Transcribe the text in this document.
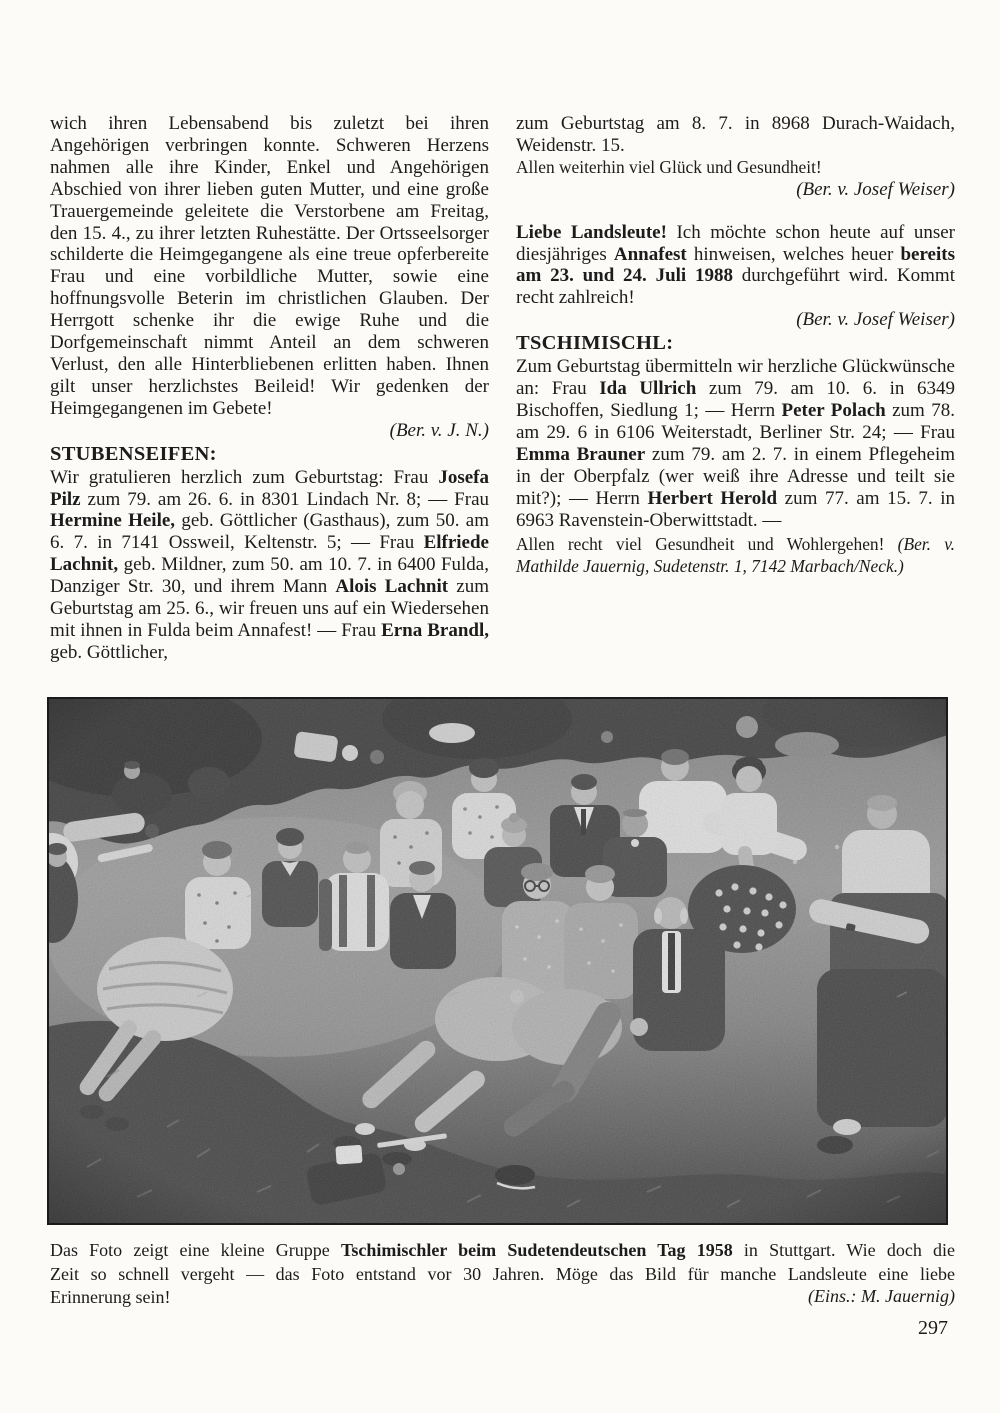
wich ihren Lebensabend bis zuletzt bei ihren Angehörigen verbringen konnte. Schweren Herzens nahmen alle ihre Kinder, Enkel und Angehörigen Abschied von ihrer lieben guten Mutter, und eine große Trauergemeinde geleitete die Verstorbene am Freitag, den 15. 4., zu ihrer letzten Ruhestätte. Der Ortsseelsorger schilderte die Heimgegangene als eine treue opferbereite Frau und eine vorbildliche Mutter, sowie eine hoffnungsvolle Beterin im christlichen Glauben. Der Herrgott schenke ihr die ewige Ruhe und die Dorfgemeinschaft nimmt Anteil an dem schweren Verlust, den alle Hinterbliebenen erlitten haben. Ihnen gilt unser herzlichstes Beileid! Wir gedenken der Heimgegangenen im Gebete!

(Ber. v. J. N.)

STUBENSEIFEN:

Wir gratulieren herzlich zum Geburtstag: Frau Josefa Pilz zum 79. am 26. 6. in 8301 Lindach Nr. 8; — Frau Hermine Heile, geb. Göttlicher (Gasthaus), zum 50. am 6. 7. in 7141 Ossweil, Keltenstr. 5; — Frau Elfriede Lachnit, geb. Mildner, zum 50. am 10. 7. in 6400 Fulda, Danziger Str. 30, und ihrem Mann Alois Lachnit zum Geburtstag am 25. 6., wir freuen uns auf ein Wiedersehen mit ihnen in Fulda beim Annafest! — Frau Erna Brandl, geb. Göttlicher,

zum Geburtstag am 8. 7. in 8968 Durach-Waidach, Weidenstr. 15.

Allen weiterhin viel Glück und Gesundheit!

(Ber. v. Josef Weiser)

Liebe Landsleute! Ich möchte schon heute auf unser diesjähriges Annafest hinweisen, welches heuer bereits am 23. und 24. Juli 1988 durchgeführt wird. Kommt recht zahlreich!

(Ber. v. Josef Weiser)

TSCHIMISCHL:

Zum Geburtstag übermitteln wir herzliche Glückwünsche an: Frau Ida Ullrich zum 79. am 10. 6. in 6349 Bischoffen, Siedlung 1; — Herrn Peter Polach zum 78. am 29. 6 in 6106 Weiterstadt, Berliner Str. 24; — Frau Emma Brauner zum 79. am 2. 7. in einem Pflegeheim in der Oberpfalz (wer weiß ihre Adresse und teilt sie mit?); — Herrn Herbert Herold zum 77. am 15. 7. in 6963 Ravenstein-Oberwittstadt. —

Allen recht viel Gesundheit und Wohlergehen! (Ber. v. Mathilde Jauernig, Sudetenstr. 1, 7142 Marbach/Neck.)

Das Foto zeigt eine kleine Gruppe Tschimischler beim Sudetendeutschen Tag 1958 in Stuttgart. Wie doch die
Zeit so schnell vergeht — das Foto entstand vor 30 Jahren. Möge das Bild für manche Landsleute eine liebe
Erinnerung sein!	(Eins.: M. Jauernig)
297
